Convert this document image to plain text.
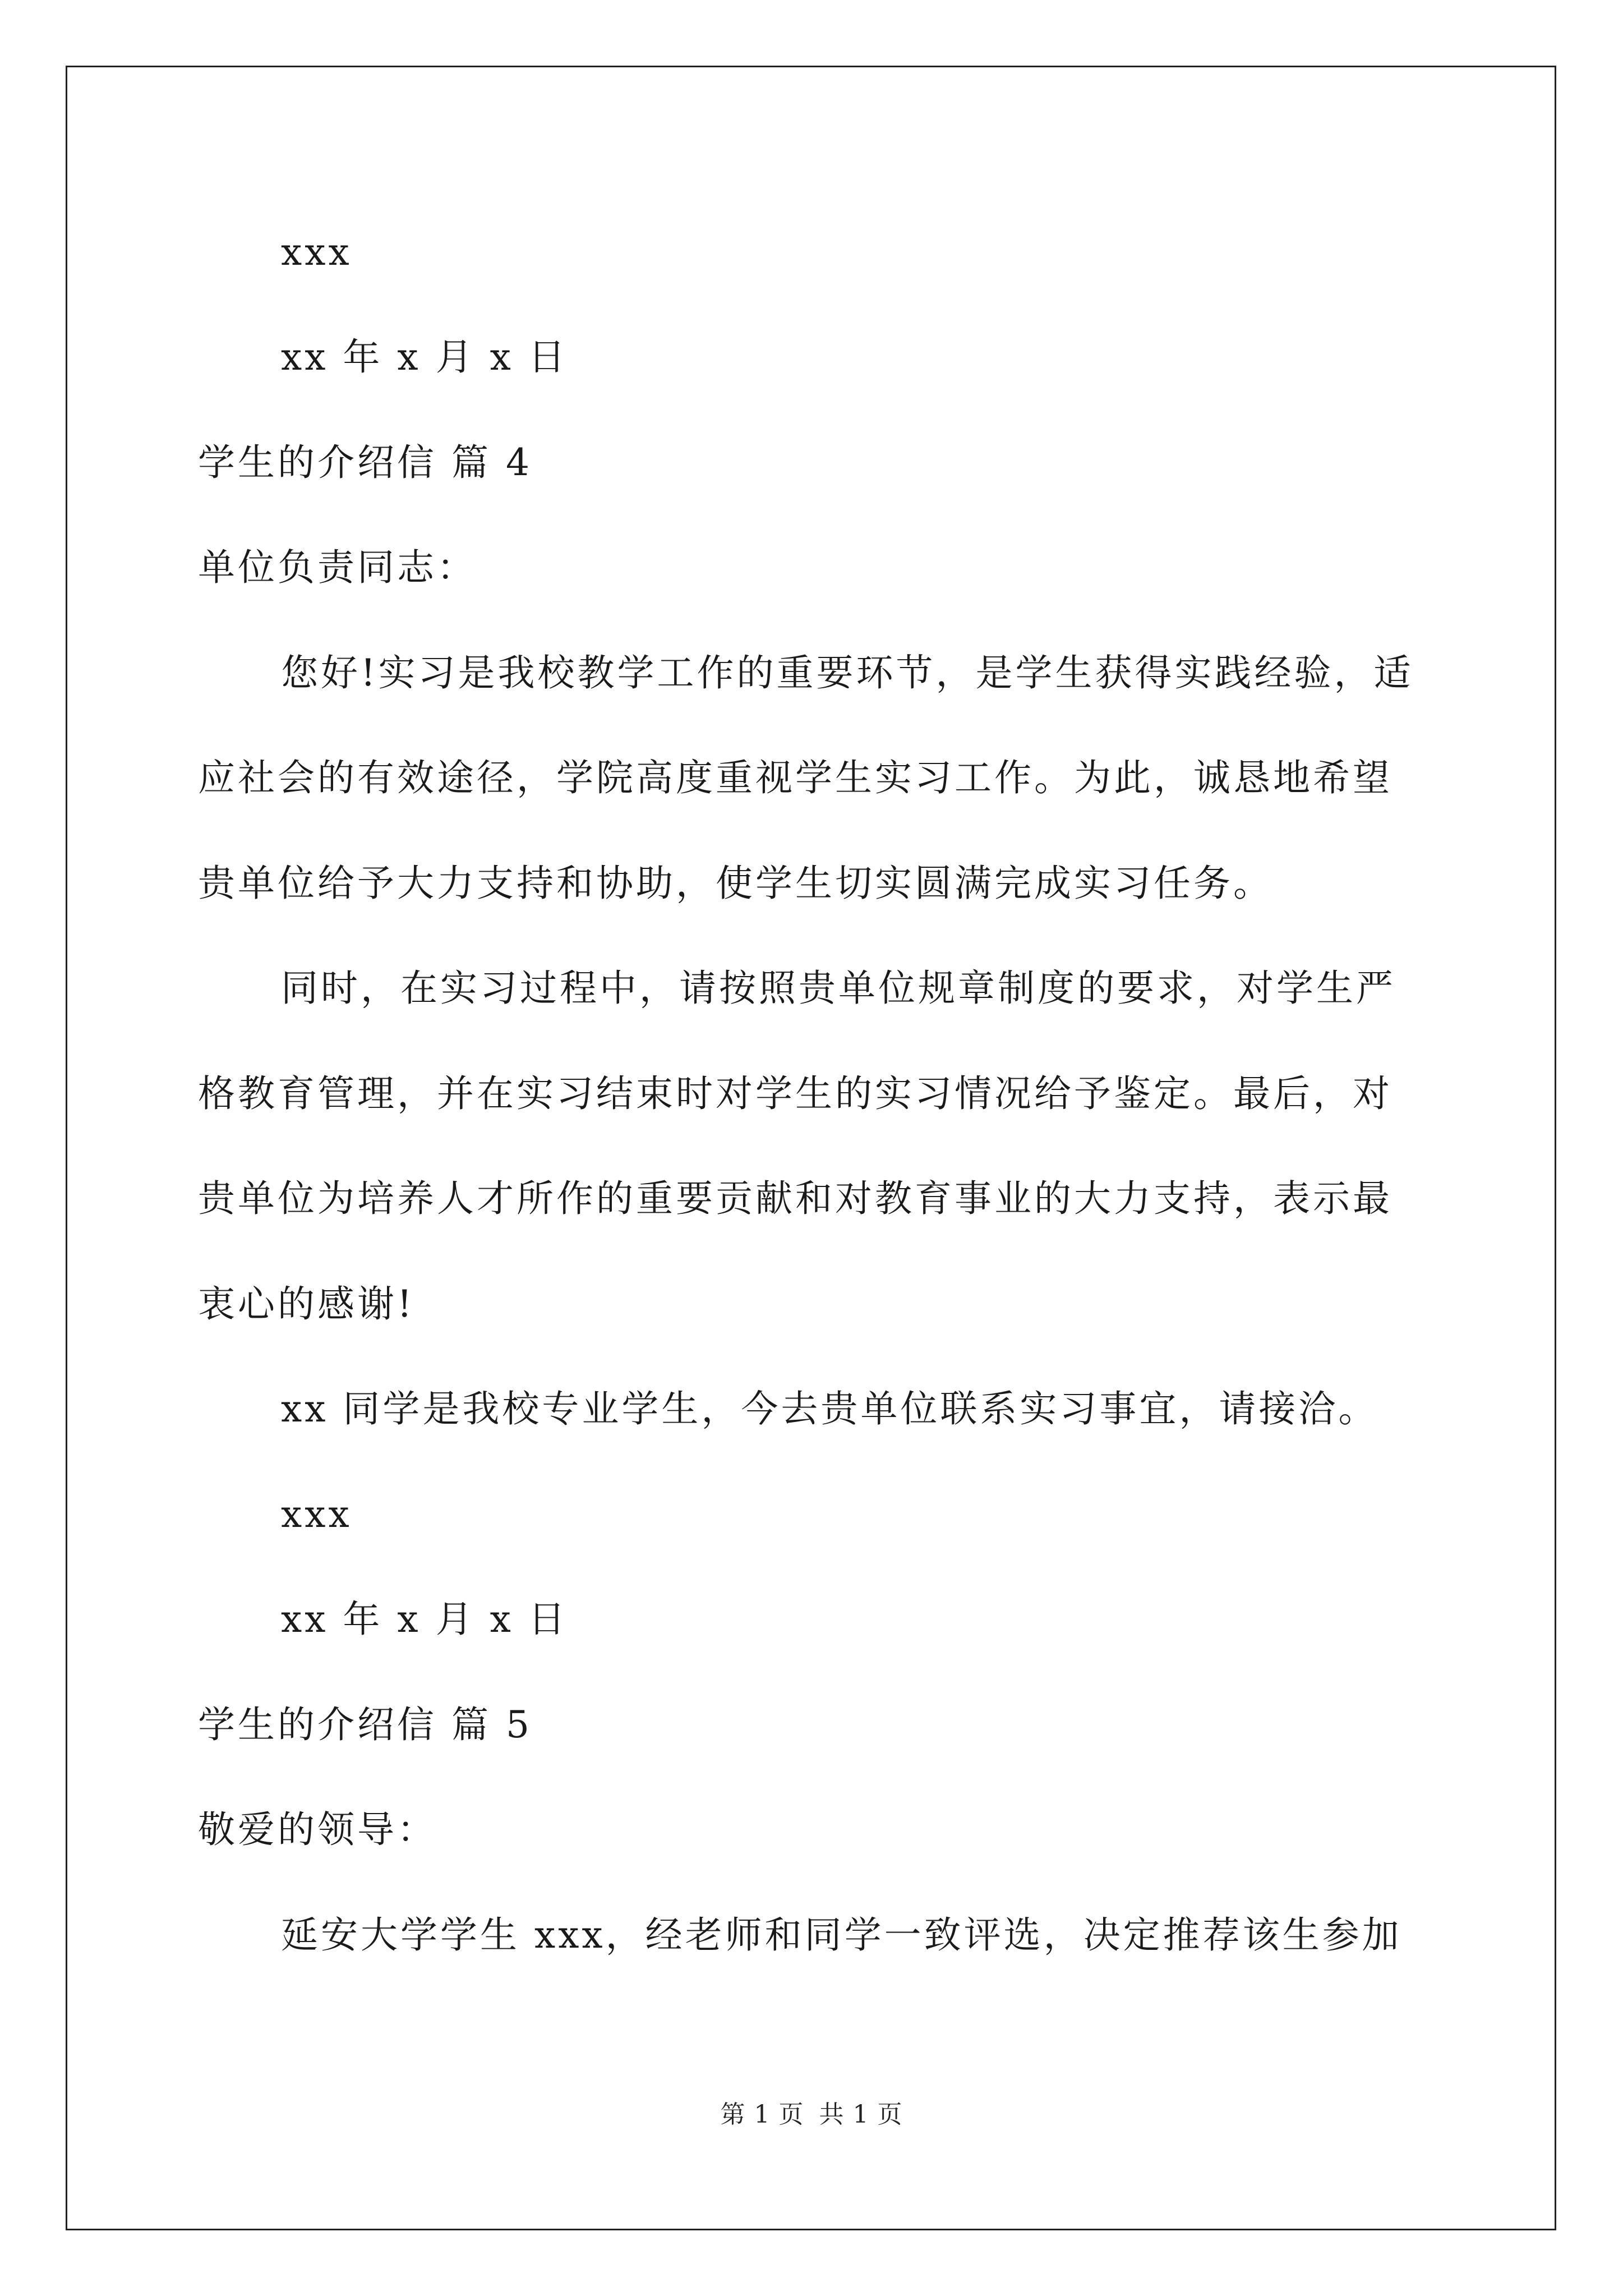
xxx
xx 年 x 月 x 日
学生的介绍信 篇 4
单位负责同志：
您好!实习是我校教学工作的重要环节，是学生获得实践经验，适
应社会的有效途径，学院高度重视学生实习工作。为此，诚恳地希望
贵单位给予大力支持和协助，使学生切实圆满完成实习任务。
同时，在实习过程中，请按照贵单位规章制度的要求，对学生严
格教育管理，并在实习结束时对学生的实习情况给予鉴定。最后，对
贵单位为培养人才所作的重要贡献和对教育事业的大力支持，表示最
衷心的感谢!
xx 同学是我校专业学生，今去贵单位联系实习事宜，请接洽。
xxx
xx 年 x 月 x 日
学生的介绍信 篇 5
敬爱的领导：
延安大学学生 xxx，经老师和同学一致评选，决定推荐该生参加
第 1 页 共 1 页
